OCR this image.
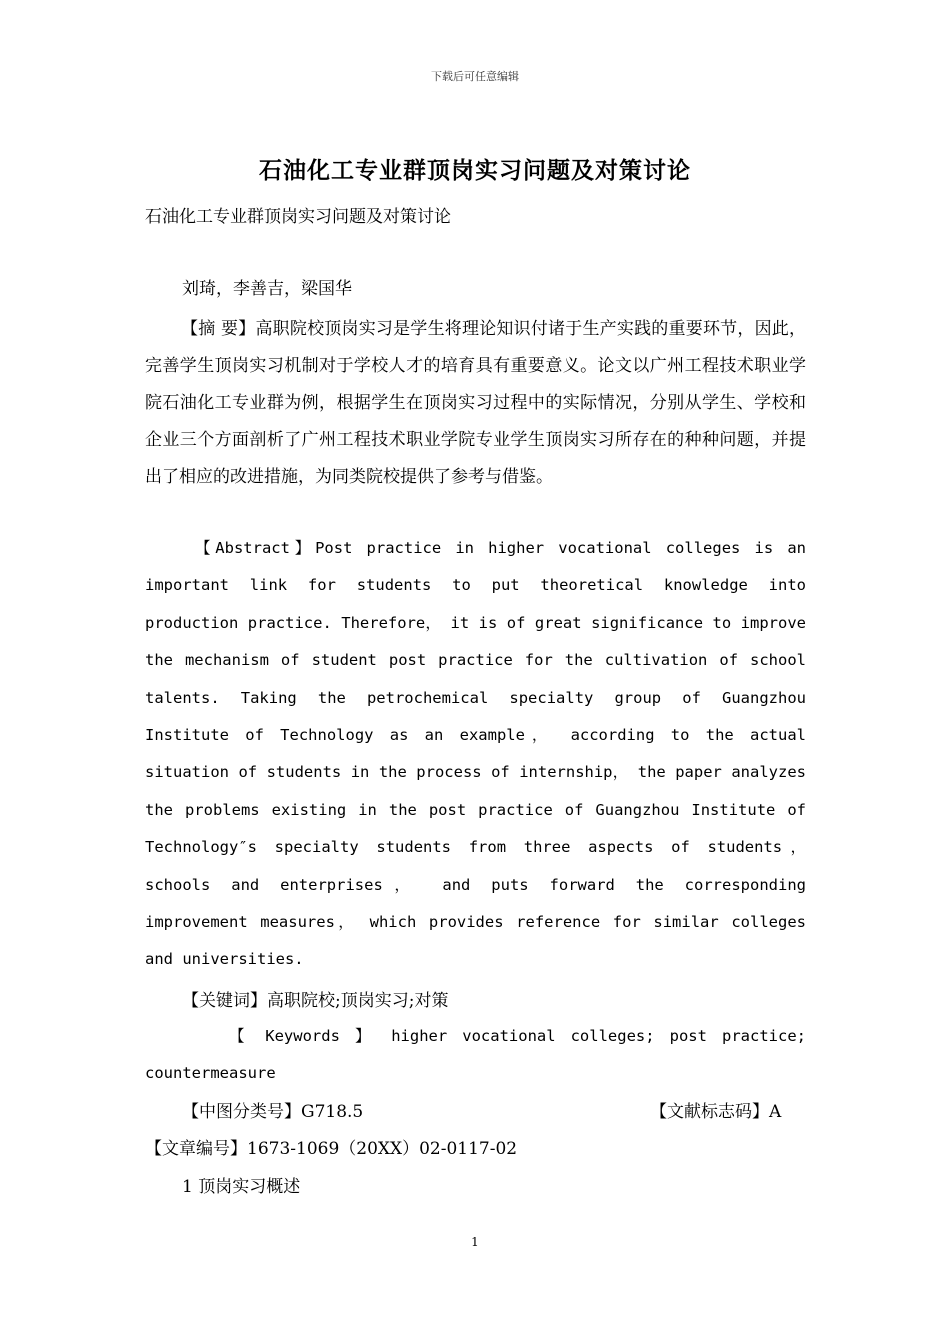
下载后可任意编辑
石油化工专业群顶岗实习问题及对策讨论
石油化工专业群顶岗实习问题及对策讨论
刘琦，李善吉，梁国华
【摘 要】高职院校顶岗实习是学生将理论知识付诸于生产实践的重要环节，因此，完善学生顶岗实习机制对于学校人才的培育具有重要意义。论文以广州工程技术职业学院石油化工专业群为例，根据学生在顶岗实习过程中的实际情况，分别从学生、学校和企业三个方面剖析了广州工程技术职业学院专业学生顶岗实习所存在的种种问题，并提出了相应的改进措施，为同类院校提供了参考与借鉴。
【Abstract】Post practice in higher vocational colleges is an important link for students to put theoretical knowledge into production practice. Therefore， it is of great significance to improve the mechanism of student post practice for the cultivation of school talents. Taking the petrochemical specialty group of Guangzhou Institute of Technology as an example， according to the actual situation of students in the process of internship， the paper analyzes the problems existing in the post practice of Guangzhou Institute of Technology″s specialty students from three aspects of students， schools and enterprises， and puts forward the corresponding improvement measures， which provides reference for similar colleges and universities.
【关键词】高职院校;顶岗实习;对策
【 Keywords 】 higher vocational colleges; post practice; countermeasure
【中图分类号】G718.5	【文献标志码】A
【文章编号】1673-1069（20XX）02-0117-02
1 顶岗实习概述
1
